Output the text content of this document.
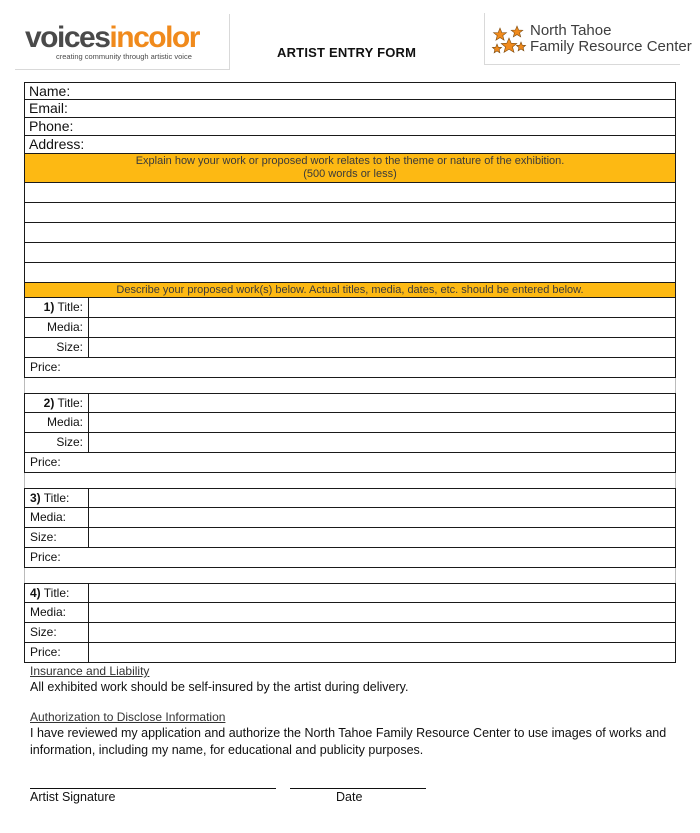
voicesincolor
creating community through artistic voice	ARTIST ENTRY FORM
North Tahoe
Family Resource Center
Name:
Email:
Phone:
Address:
Explain how your work or proposed work relates to the theme or nature of the exhibition.
(500 words or less)
Describe your proposed work(s) below. Actual titles, media, dates, etc. should be entered below.
1) Title:
Media:
Size:
Price:
2) Title:
Media:
Size:
Price:
3) Title:
Media:
Size:
Price:
4) Title:
Media:
Size:
Price:
Insurance and Liability
All exhibited work should be self-insured by the artist during delivery.
Authorization to Disclose Information
I have reviewed my application and authorize the North Tahoe Family Resource Center to use images of works and information, including my name, for educational and publicity purposes.
Artist Signature	Date
